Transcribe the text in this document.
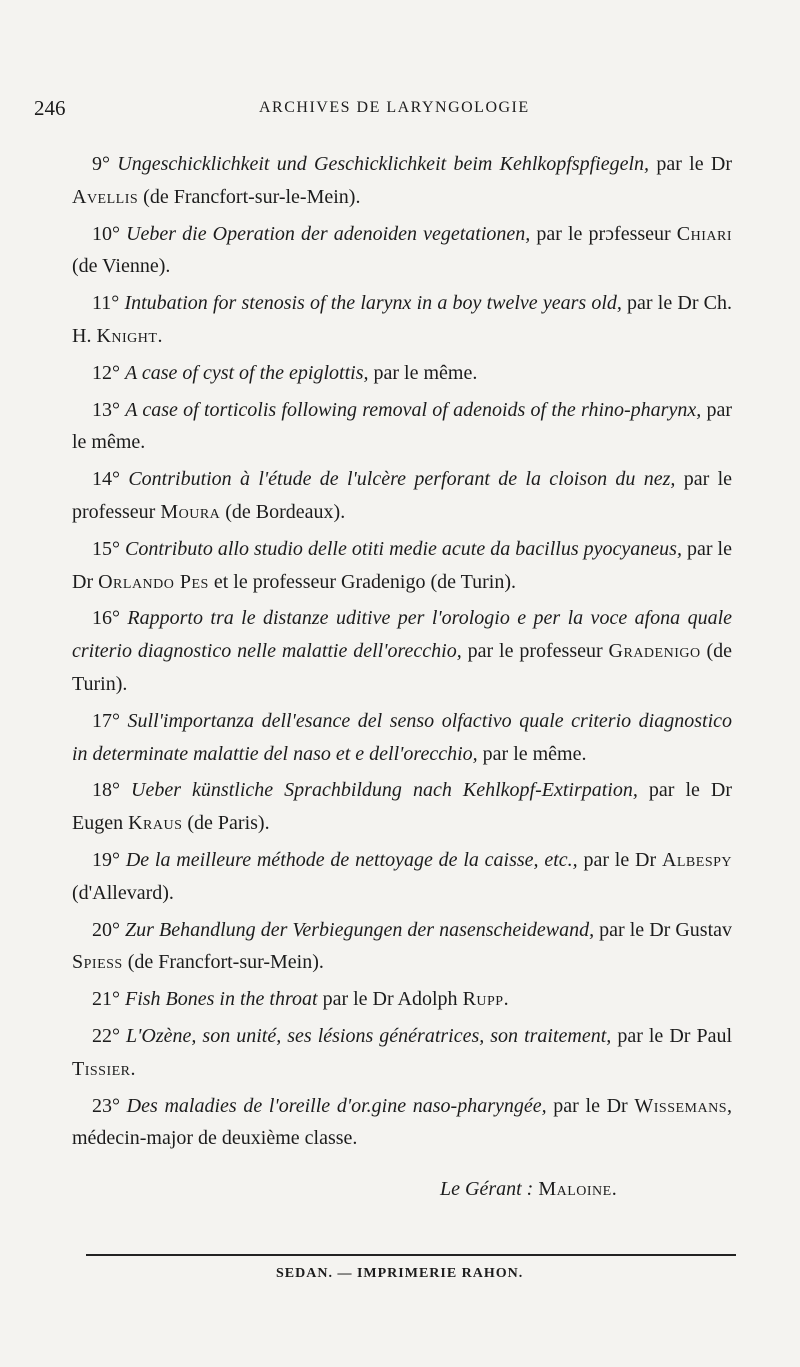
246	ARCHIVES DE LARYNGOLOGIE

9° Ungeschicklichkeit und Geschicklichkeit beim Kehlkopfspfiegeln, par le Dr Avellis (de Francfort-sur-le-Mein).

10° Ueber die Operation der adenoiden vegetationen, par le prɔfesseur Chiari (de Vienne).

11° Intubation for stenosis of the larynx in a boy twelve years old, par le Dr Ch. H. Knight.

12° A case of cyst of the epiglottis, par le même.

13° A case of torticolis following removal of adenoids of the rhino-pharynx, par le même.

14° Contribution à l'étude de l'ulcère perforant de la cloison du nez, par le professeur Moura (de Bordeaux).

15° Contributo allo studio delle otiti medie acute da bacillus pyocyaneus, par le Dr Orlando Pes et le professeur Gradenigo (de Turin).

16° Rapporto tra le distanze uditive per l'orologio e per la voce afona quale criterio diagnostico nelle malattie dell'orecchio, par le professeur Gradenigo (de Turin).

17° Sull'importanza dell'esance del senso olfactivo quale criterio diagnostico in determinate malattie del naso et e dell'orecchio, par le même.

18° Ueber künstliche Sprachbildung nach Kehlkopf-Extirpation, par le Dr Eugen Kraus (de Paris).

19° De la meilleure méthode de nettoyage de la caisse, etc., par le Dr Albespy (d'Allevard).

20° Zur Behandlung der Verbiegungen der nasenscheidewand, par le Dr Gustav Spiess (de Francfort-sur-Mein).

21° Fish Bones in the throat par le Dr Adolph Rupp.

22° L'Ozène, son unité, ses lésions génératrices, son traitement, par le Dr Paul Tissier.

23° Des maladies de l'oreille d'or.gine naso-pharyngée, par le Dr Wissemans, médecin-major de deuxième classe.

Le Gérant : Maloine.
SEDAN. — IMPRIMERIE RAHON.
